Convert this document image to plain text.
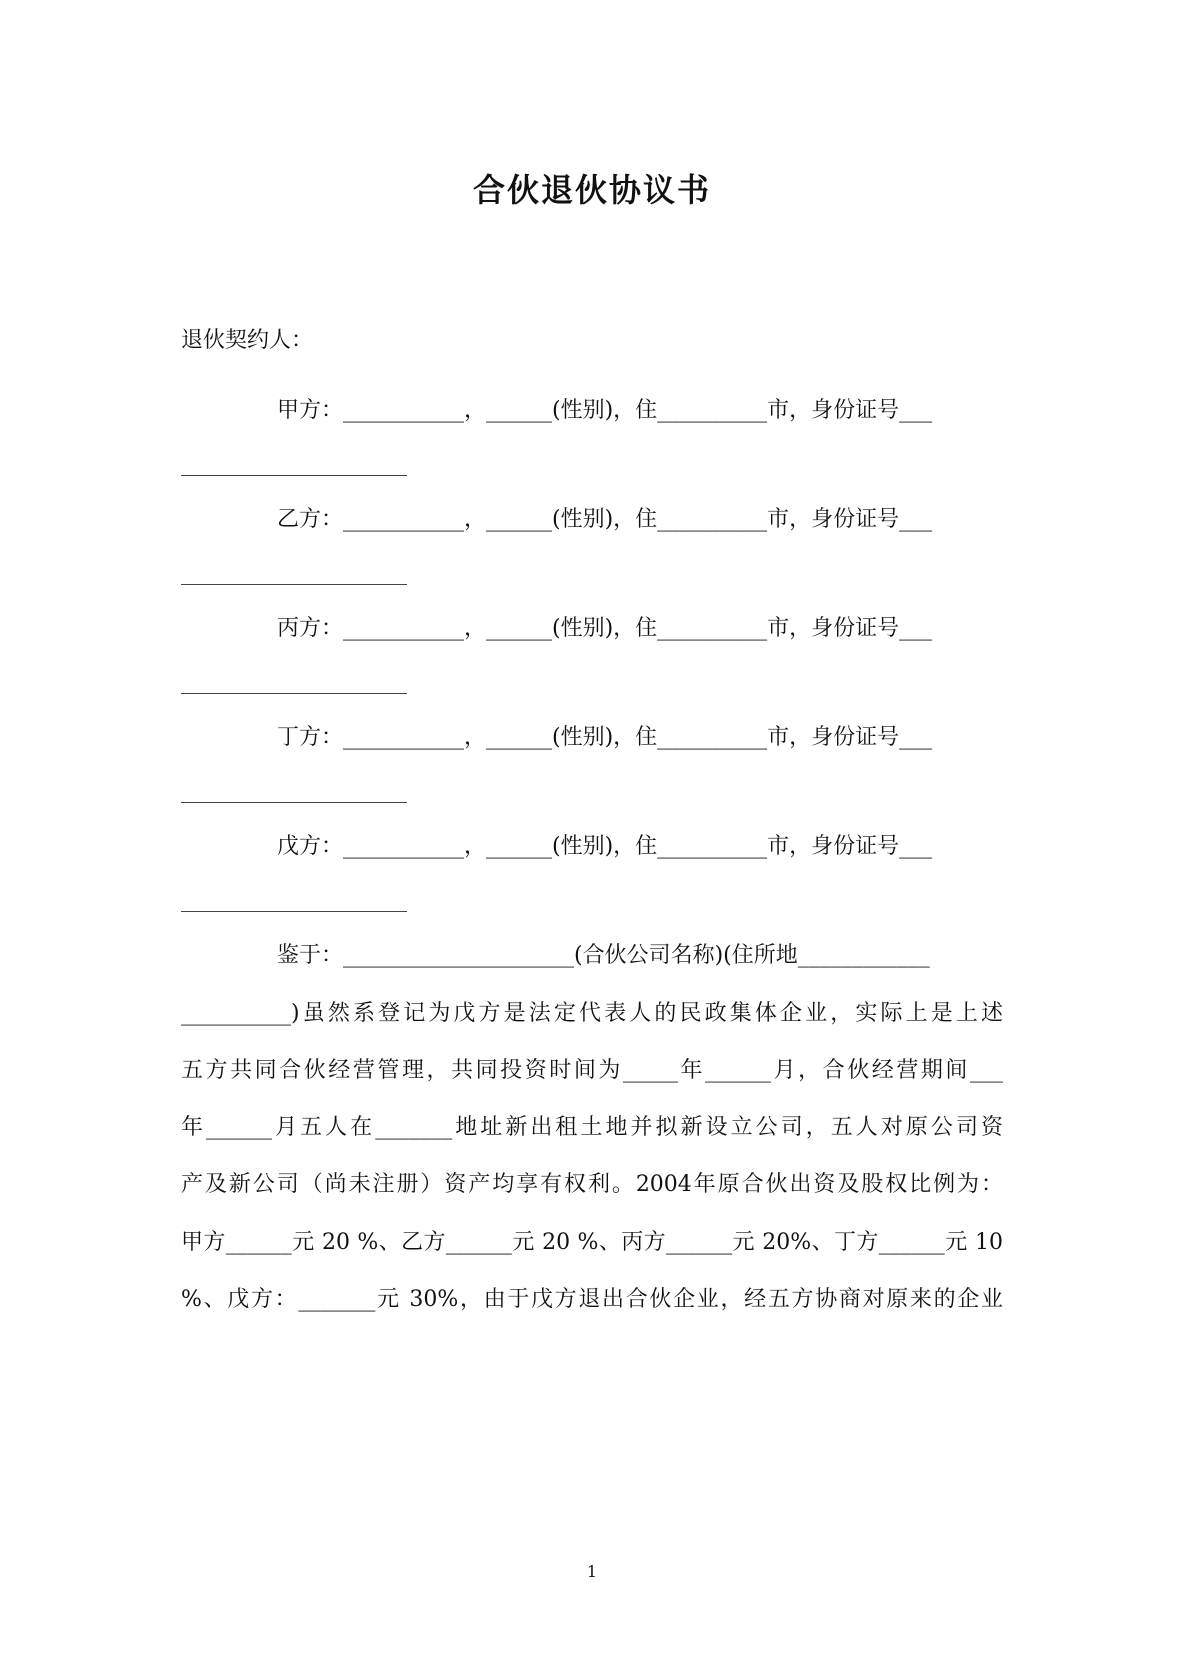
合伙退伙协议书
退伙契约人：
甲方：___________，______(性别)，住__________市，身份证号___
乙方：___________，______(性别)，住__________市，身份证号___
丙方：___________，______(性别)，住__________市，身份证号___
丁方：___________，______(性别)，住__________市，身份证号___
戊方：___________，______(性别)，住__________市，身份证号___
鉴于：_____________________(合伙公司名称)(住所地____________
__________)虽然系登记为戊方是法定代表人的民政集体企业，实际上是上述
五方共同合伙经营管理，共同投资时间为_____年______月，合伙经营期间___
年______月五人在_______地址新出租土地并拟新设立公司，五人对原公司资
产及新公司（尚未注册）资产均享有权利。2004年原合伙出资及股权比例为：
甲方______元 20 %、乙方______元 20 %、丙方______元 20%、丁方______元 10
%、戊方：_______元 30%，由于戊方退出合伙企业，经五方协商对原来的企业
1
